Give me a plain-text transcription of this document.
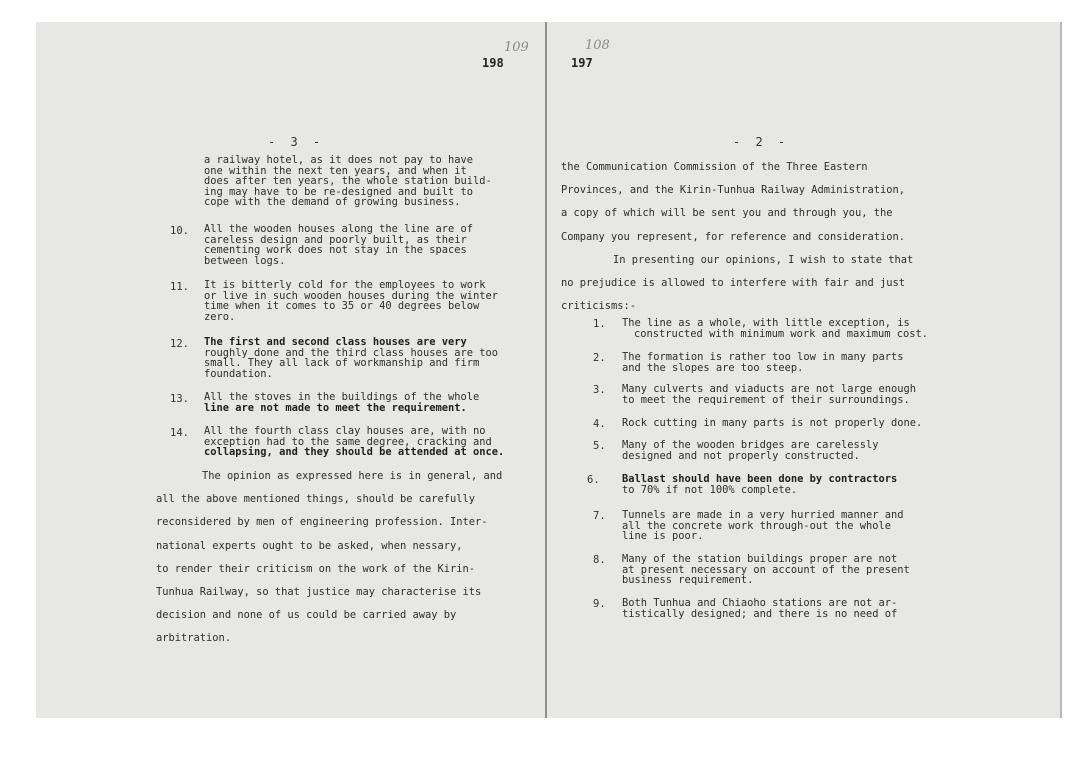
109
198
- 3 -
a railway hotel, as it does not pay to have
one within the next ten years, and when it
does after ten years, the whole station build-
ing may have to be re-designed and built to
cope with the demand of growing business.
10. All the wooden houses along the line are of
careless design and poorly built, as their
cementing work does not stay in the spaces
between logs.
11. It is bitterly cold for the employees to work
or live in such wooden houses during the winter
time when it comes to 35 or 40 degrees below
zero.
12. The first and second class houses are very
roughly done and the third class houses are too
small. They all lack of workmanship and firm
foundation.
13. All the stoves in the buildings of the whole
line are not made to meet the requirement.
14. All the fourth class clay houses are, with no
exception had to the same degree, cracking and
collapsing, and they should be attended at once.
The opinion as expressed here is in general, and
all the above mentioned things, should be carefully
reconsidered by men of engineering profession. Inter-
national experts ought to be asked, when nessary,
to render their criticism on the work of the Kirin-
Tunhua Railway, so that justice may characterise its
decision and none of us could be carried away by
arbitration.
108
197
- 2 -
the Communication Commission of the Three Eastern
Provinces, and the Kirin-Tunhua Railway Administration,
a copy of which will be sent you and through you, the
Company you represent, for reference and consideration.
In presenting our opinions, I wish to state that
no prejudice is allowed to interfere with fair and just
criticisms:-
1. The line as a whole, with little exception, is
constructed with minimum work and maximum cost.
2. The formation is rather too low in many parts
and the slopes are too steep.
3. Many culverts and viaducts are not large enough
to meet the requirement of their surroundings.
4. Rock cutting in many parts is not properly done.
5. Many of the wooden bridges are carelessly
designed and not properly constructed.
6. Ballast should have been done by contractors
to 70% if not 100% complete.
7. Tunnels are made in a very hurried manner and
all the concrete work through-out the whole
line is poor.
8. Many of the station buildings proper are not
at present necessary on account of the present
business requirement.
9. Both Tunhua and Chiaoho stations are not ar-
tistically designed; and there is no need of
